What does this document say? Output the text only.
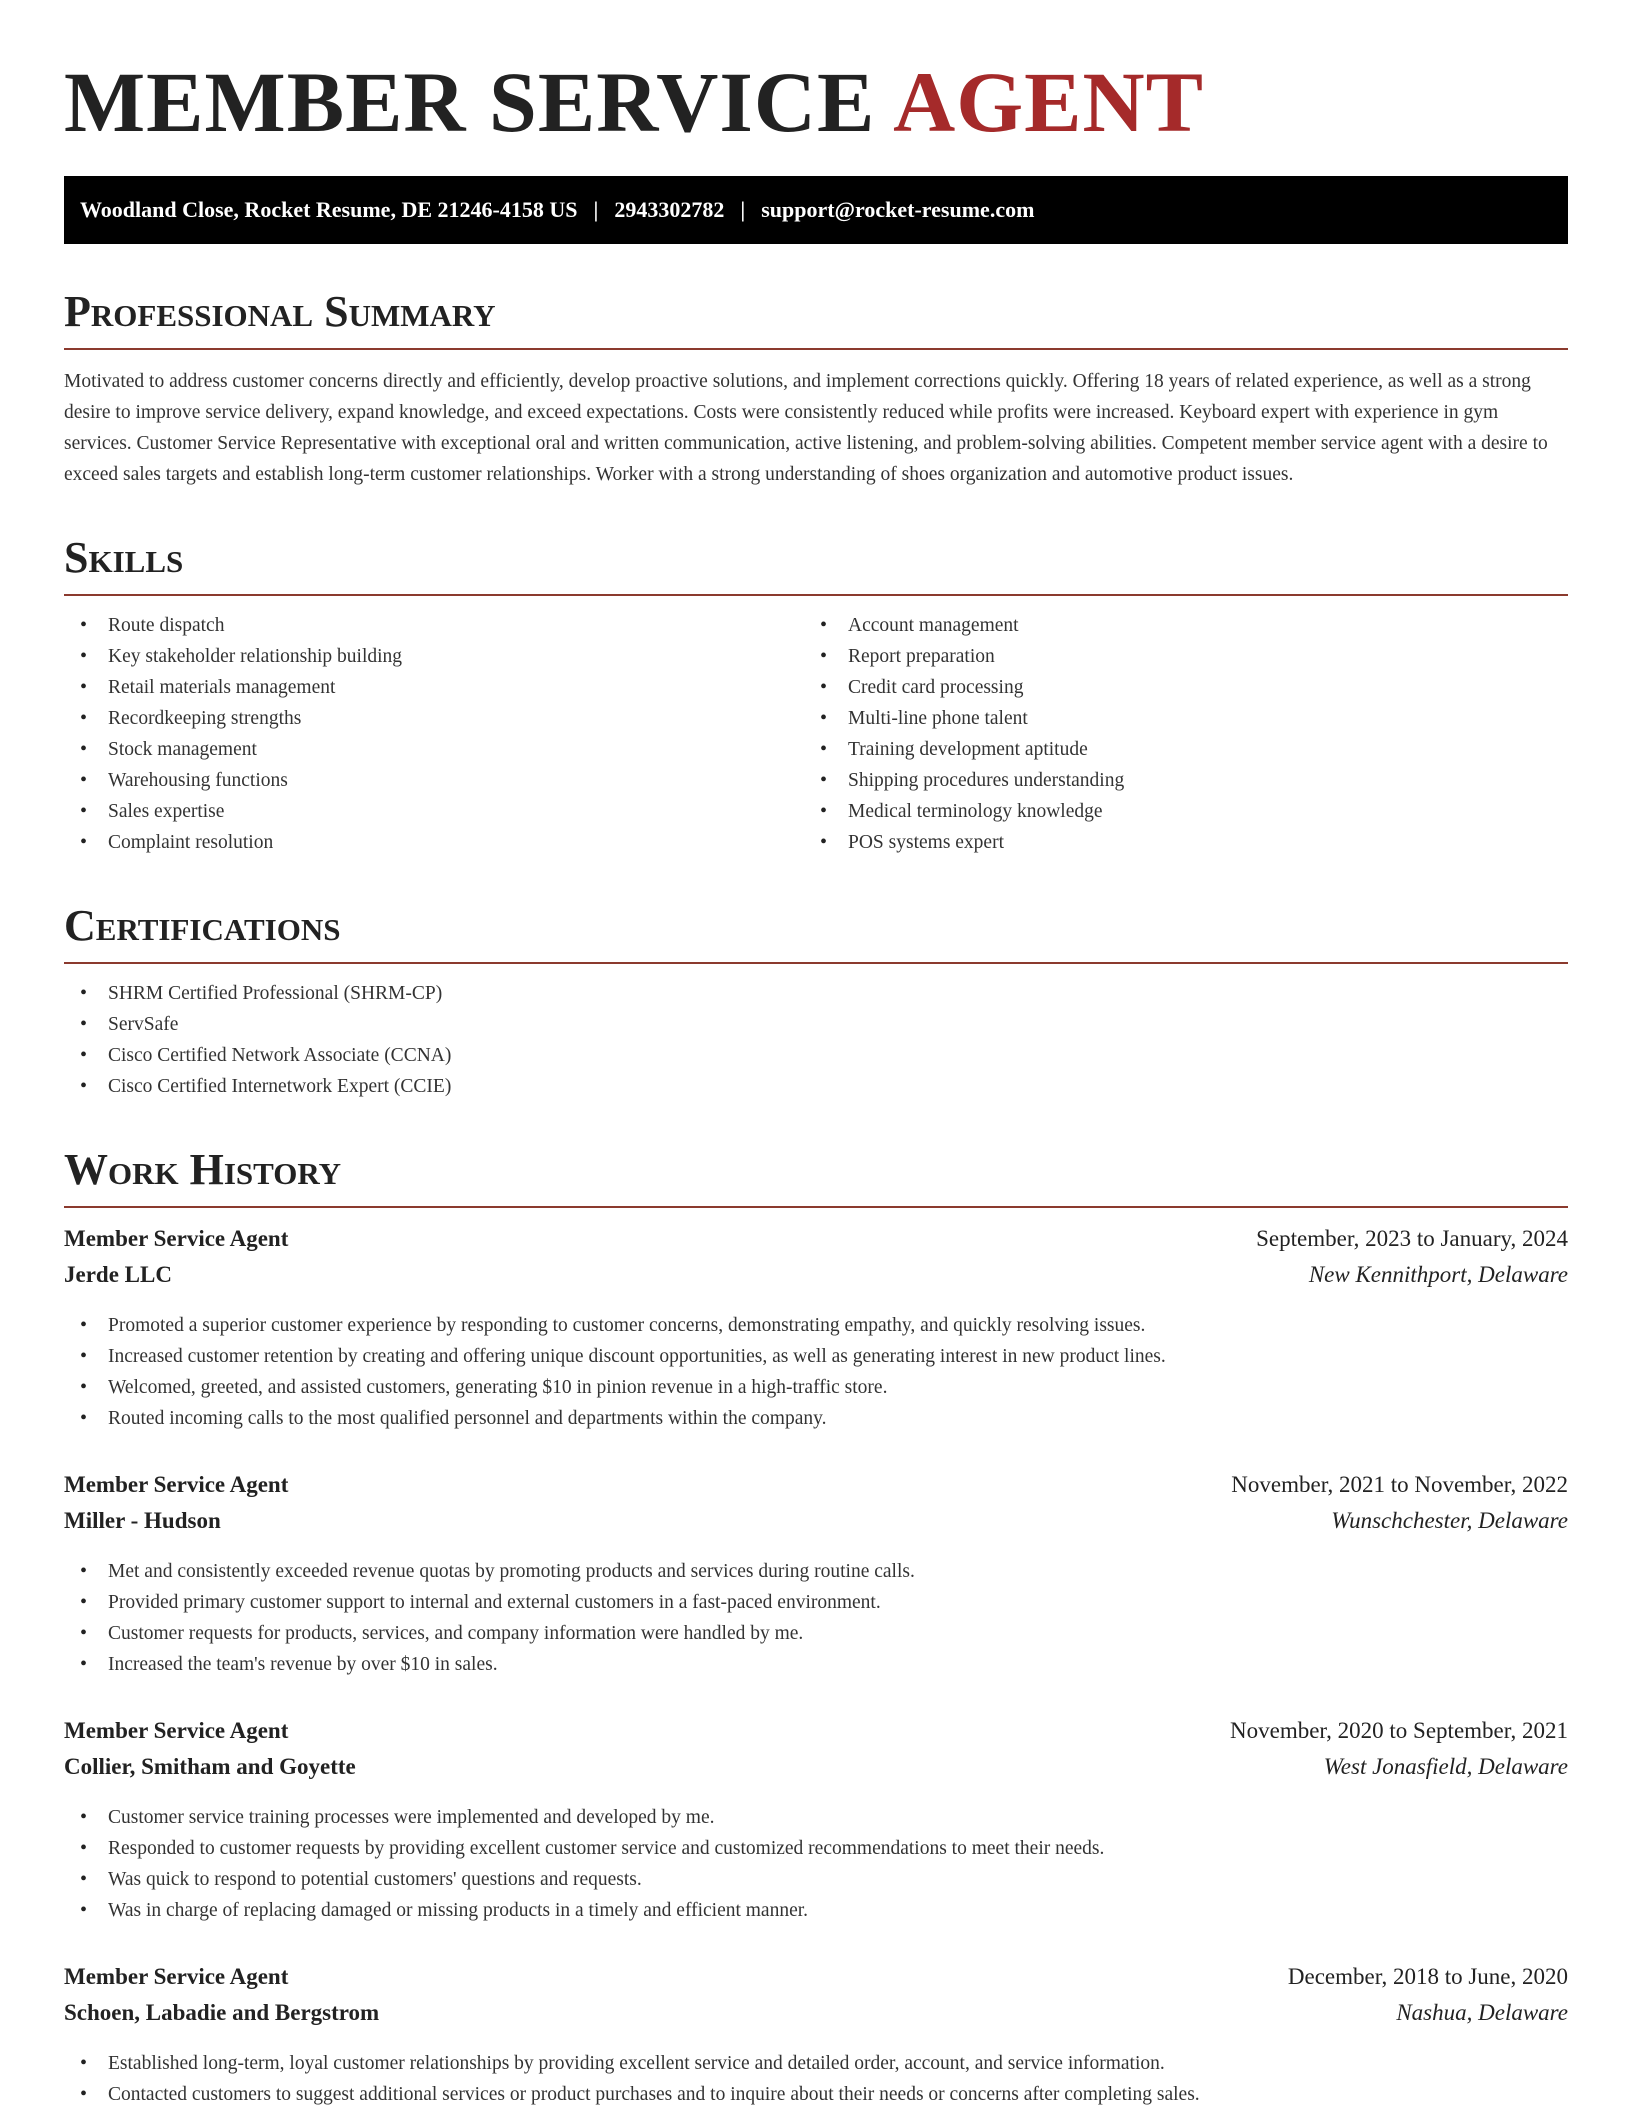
MEMBER SERVICE AGENT
Woodland Close, Rocket Resume, DE 21246-4158 US | 2943302782 | support@rocket-resume.com
Professional Summary

Motivated to address customer concerns directly and efficiently, develop proactive solutions, and implement corrections quickly. Offering 18 years of related experience, as well as a strong desire to improve service delivery, expand knowledge, and exceed expectations. Costs were consistently reduced while profits were increased. Keyboard expert with experience in gym services. Customer Service Representative with exceptional oral and written communication, active listening, and problem-solving abilities. Competent member service agent with a desire to exceed sales targets and establish long-term customer relationships. Worker with a strong understanding of shoes organization and automotive product issues.

Skills
• Route dispatch
• Key stakeholder relationship building
• Retail materials management
• Recordkeeping strengths
• Stock management
• Warehousing functions
• Sales expertise
• Complaint resolution
• Account management
• Report preparation
• Credit card processing
• Multi-line phone talent
• Training development aptitude
• Shipping procedures understanding
• Medical terminology knowledge
• POS systems expert
Certifications
• SHRM Certified Professional (SHRM-CP)
• ServSafe
• Cisco Certified Network Associate (CCNA)
• Cisco Certified Internetwork Expert (CCIE)
Work History
Member Service Agent	September, 2023 to January, 2024
Jerde LLC	New Kennithport, Delaware
• Promoted a superior customer experience by responding to customer concerns, demonstrating empathy, and quickly resolving issues.
• Increased customer retention by creating and offering unique discount opportunities, as well as generating interest in new product lines.
• Welcomed, greeted, and assisted customers, generating $10 in pinion revenue in a high-traffic store.
• Routed incoming calls to the most qualified personnel and departments within the company.
Member Service Agent	November, 2021 to November, 2022
Miller - Hudson	Wunschchester, Delaware
• Met and consistently exceeded revenue quotas by promoting products and services during routine calls.
• Provided primary customer support to internal and external customers in a fast-paced environment.
• Customer requests for products, services, and company information were handled by me.
• Increased the team's revenue by over $10 in sales.
Member Service Agent	November, 2020 to September, 2021
Collier, Smitham and Goyette	West Jonasfield, Delaware
• Customer service training processes were implemented and developed by me.
• Responded to customer requests by providing excellent customer service and customized recommendations to meet their needs.
• Was quick to respond to potential customers' questions and requests.
• Was in charge of replacing damaged or missing products in a timely and efficient manner.
Member Service Agent	December, 2018 to June, 2020
Schoen, Labadie and Bergstrom	Nashua, Delaware
• Established long-term, loyal customer relationships by providing excellent service and detailed order, account, and service information.
• Contacted customers to suggest additional services or product purchases and to inquire about their needs or concerns after completing sales.
